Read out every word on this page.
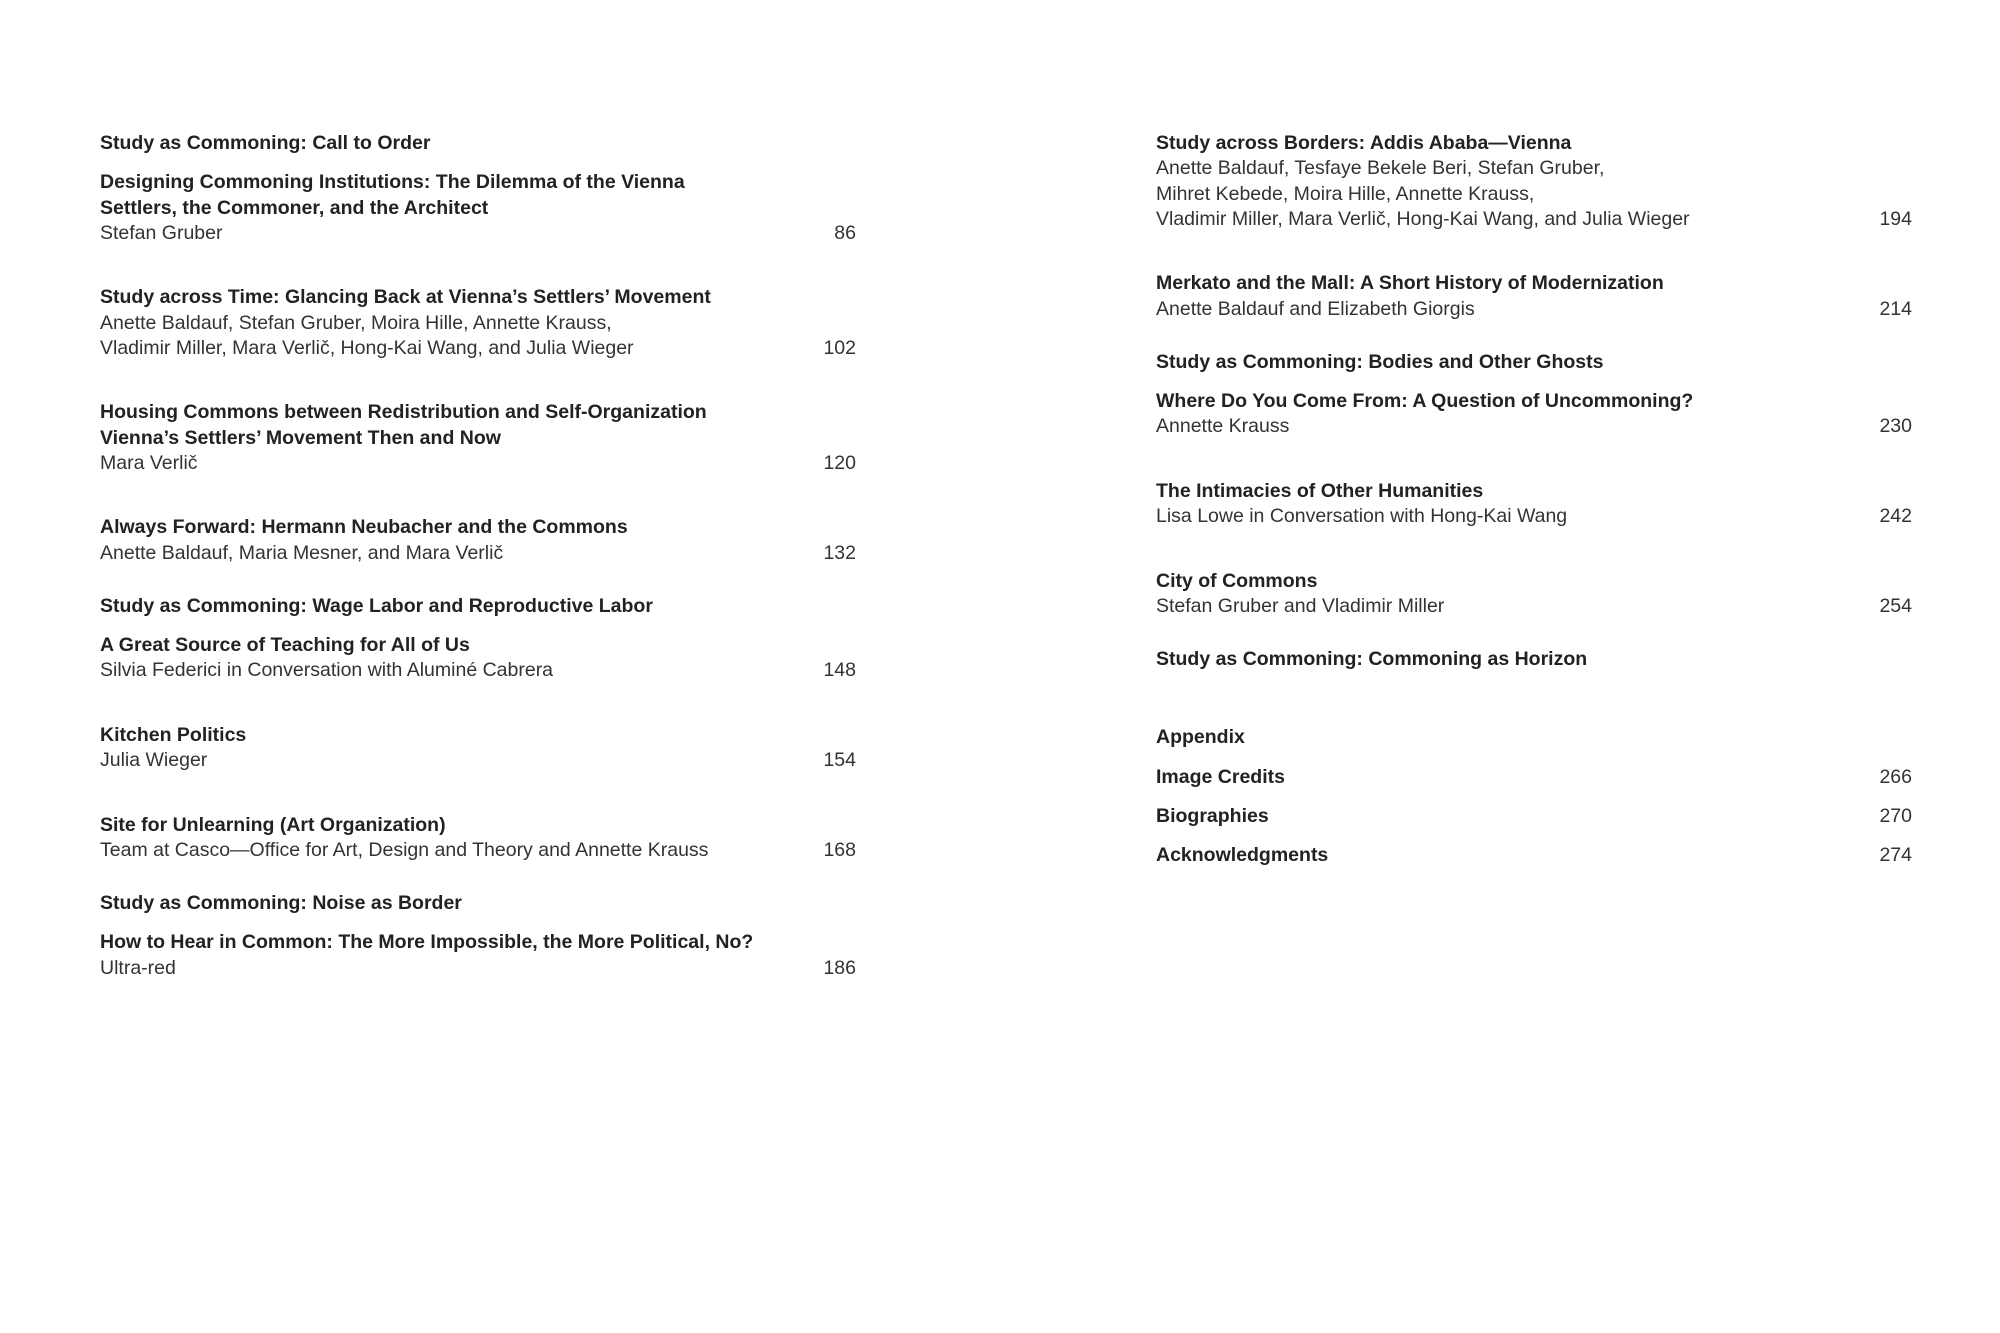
Study as Commoning: Call to Order
Designing Commoning Institutions: The Dilemma of the Vienna
Settlers, the Commoner, and the Architect
Stefan Gruber	86
Study across Time: Glancing Back at Vienna’s Settlers’ Movement
Anette Baldauf, Stefan Gruber, Moira Hille, Annette Krauss,
Vladimir Miller, Mara Verlič, Hong-Kai Wang, and Julia Wieger	102
Housing Commons between Redistribution and Self-Organization
Vienna’s Settlers’ Movement Then and Now
Mara Verlič	120
Always Forward: Hermann Neubacher and the Commons
Anette Baldauf, Maria Mesner, and Mara Verlič	132
Study as Commoning: Wage Labor and Reproductive Labor
A Great Source of Teaching for All of Us
Silvia Federici in Conversation with Aluminé Cabrera	148
Kitchen Politics
Julia Wieger	154
Site for Unlearning (Art Organization)
Team at Casco—Office for Art, Design and Theory and Annette Krauss	168
Study as Commoning: Noise as Border
How to Hear in Common: The More Impossible, the More Political, No?
Ultra-red	186
Study across Borders: Addis Ababa—Vienna
Anette Baldauf, Tesfaye Bekele Beri, Stefan Gruber,
Mihret Kebede, Moira Hille, Annette Krauss,
Vladimir Miller, Mara Verlič, Hong-Kai Wang, and Julia Wieger	194
Merkato and the Mall: A Short History of Modernization
Anette Baldauf and Elizabeth Giorgis	214
Study as Commoning: Bodies and Other Ghosts
Where Do You Come From: A Question of Uncommoning?
Annette Krauss	230
The Intimacies of Other Humanities
Lisa Lowe in Conversation with Hong-Kai Wang	242
City of Commons
Stefan Gruber and Vladimir Miller	254
Study as Commoning: Commoning as Horizon
Appendix
Image Credits	266
Biographies	270
Acknowledgments	274
